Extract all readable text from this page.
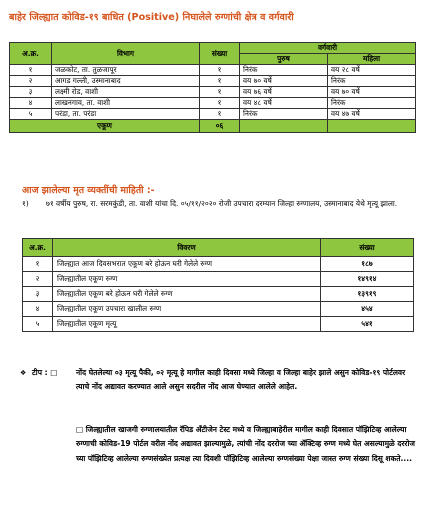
बाहेर जिल्ह्यात कोविड-१९ बाधित (Positive) निघालेले रुग्णांची क्षेत्र व वर्गवारी
अ.क्र.	विभाग	संख्या	वर्गवारी	
			पुरुष	महिला
१	जळकोट, ता. तुळजापूर	१	निरंक	वय २८ वर्षे
२	आगड गल्ली, उस्मानाबाद	१	वय ७० वर्षे	निरंक
३	लक्ष्मी रोड, वाशी	१	वय ७६ वर्षे	वय ७० वर्षे
४	लाखनगाव, ता. वाशी	१	वय ४८ वर्षे	निरंक
५	परंडा, ता. परंडा	१	निरंक	वय ४७ वर्षे
एकूण		०६		
आज झालेल्या मृत व्यक्तींची माहिती :-
१) ७१ वर्षीय पुरुष, रा. सरमकुंडी, ता. वाशी यांचा दि. ०५/११/२०२० रोजी उपचारा दरम्यान जिल्हा रुग्णालय, उस्मानाबाद येथे मृत्यू झाला.
अ.क्र.	विवरण	संख्या
१	जिल्ह्यात आज दिवसभरात एकूण बरे होऊन घरी गेलेले रुग्ण	१८७
२	जिल्ह्यातील एकूण रुग्ण	१४९१४
३	जिल्ह्यातील एकूण बरे होऊन घरी गेलेले रुग्ण	१३९१९
४	जिल्ह्यातील एकूण उपचारा खालील रुग्ण	४५४
५	जिल्ह्यातील एकूण मृत्यू	५४१
❖ टीप : □ नोंद घेतलेल्या ०३ मृत्यू पैकी, ०२ मृत्यू हे मागील काही दिवसा मध्ये जिल्हा व जिल्हा बाहेर झाले असुन कोविड-१९ पोर्टलवर त्याचे नोंद अद्यावत करण्यात आले असुन सदरील नोंद आज घेण्यात आलेले आहेत.
□ जिल्ह्यातील खाजगी रुग्णालयातील रॅपिड अँटीजेन टेस्ट मध्ये व जिल्ह्याबाहेरील मागील काही दिवसात पॉझिटिव्ह आलेल्या रुग्णाची कोविड-19 पोर्टल वरील नोंद अद्यावत झाल्यामुळे, त्यांची नोंद दररोज च्या ॲक्टिव्ह रुग्ण मध्ये घेत असल्यामुळे दररोज च्या पॉझिटिव्ह आलेल्या रुग्णसंख्येत प्रत्यक्ष त्या दिवशी पॉझिटिव्ह आलेल्या रुग्णसंख्या पेक्षा जास्त रुग्ण संख्या दिसू शकते....
